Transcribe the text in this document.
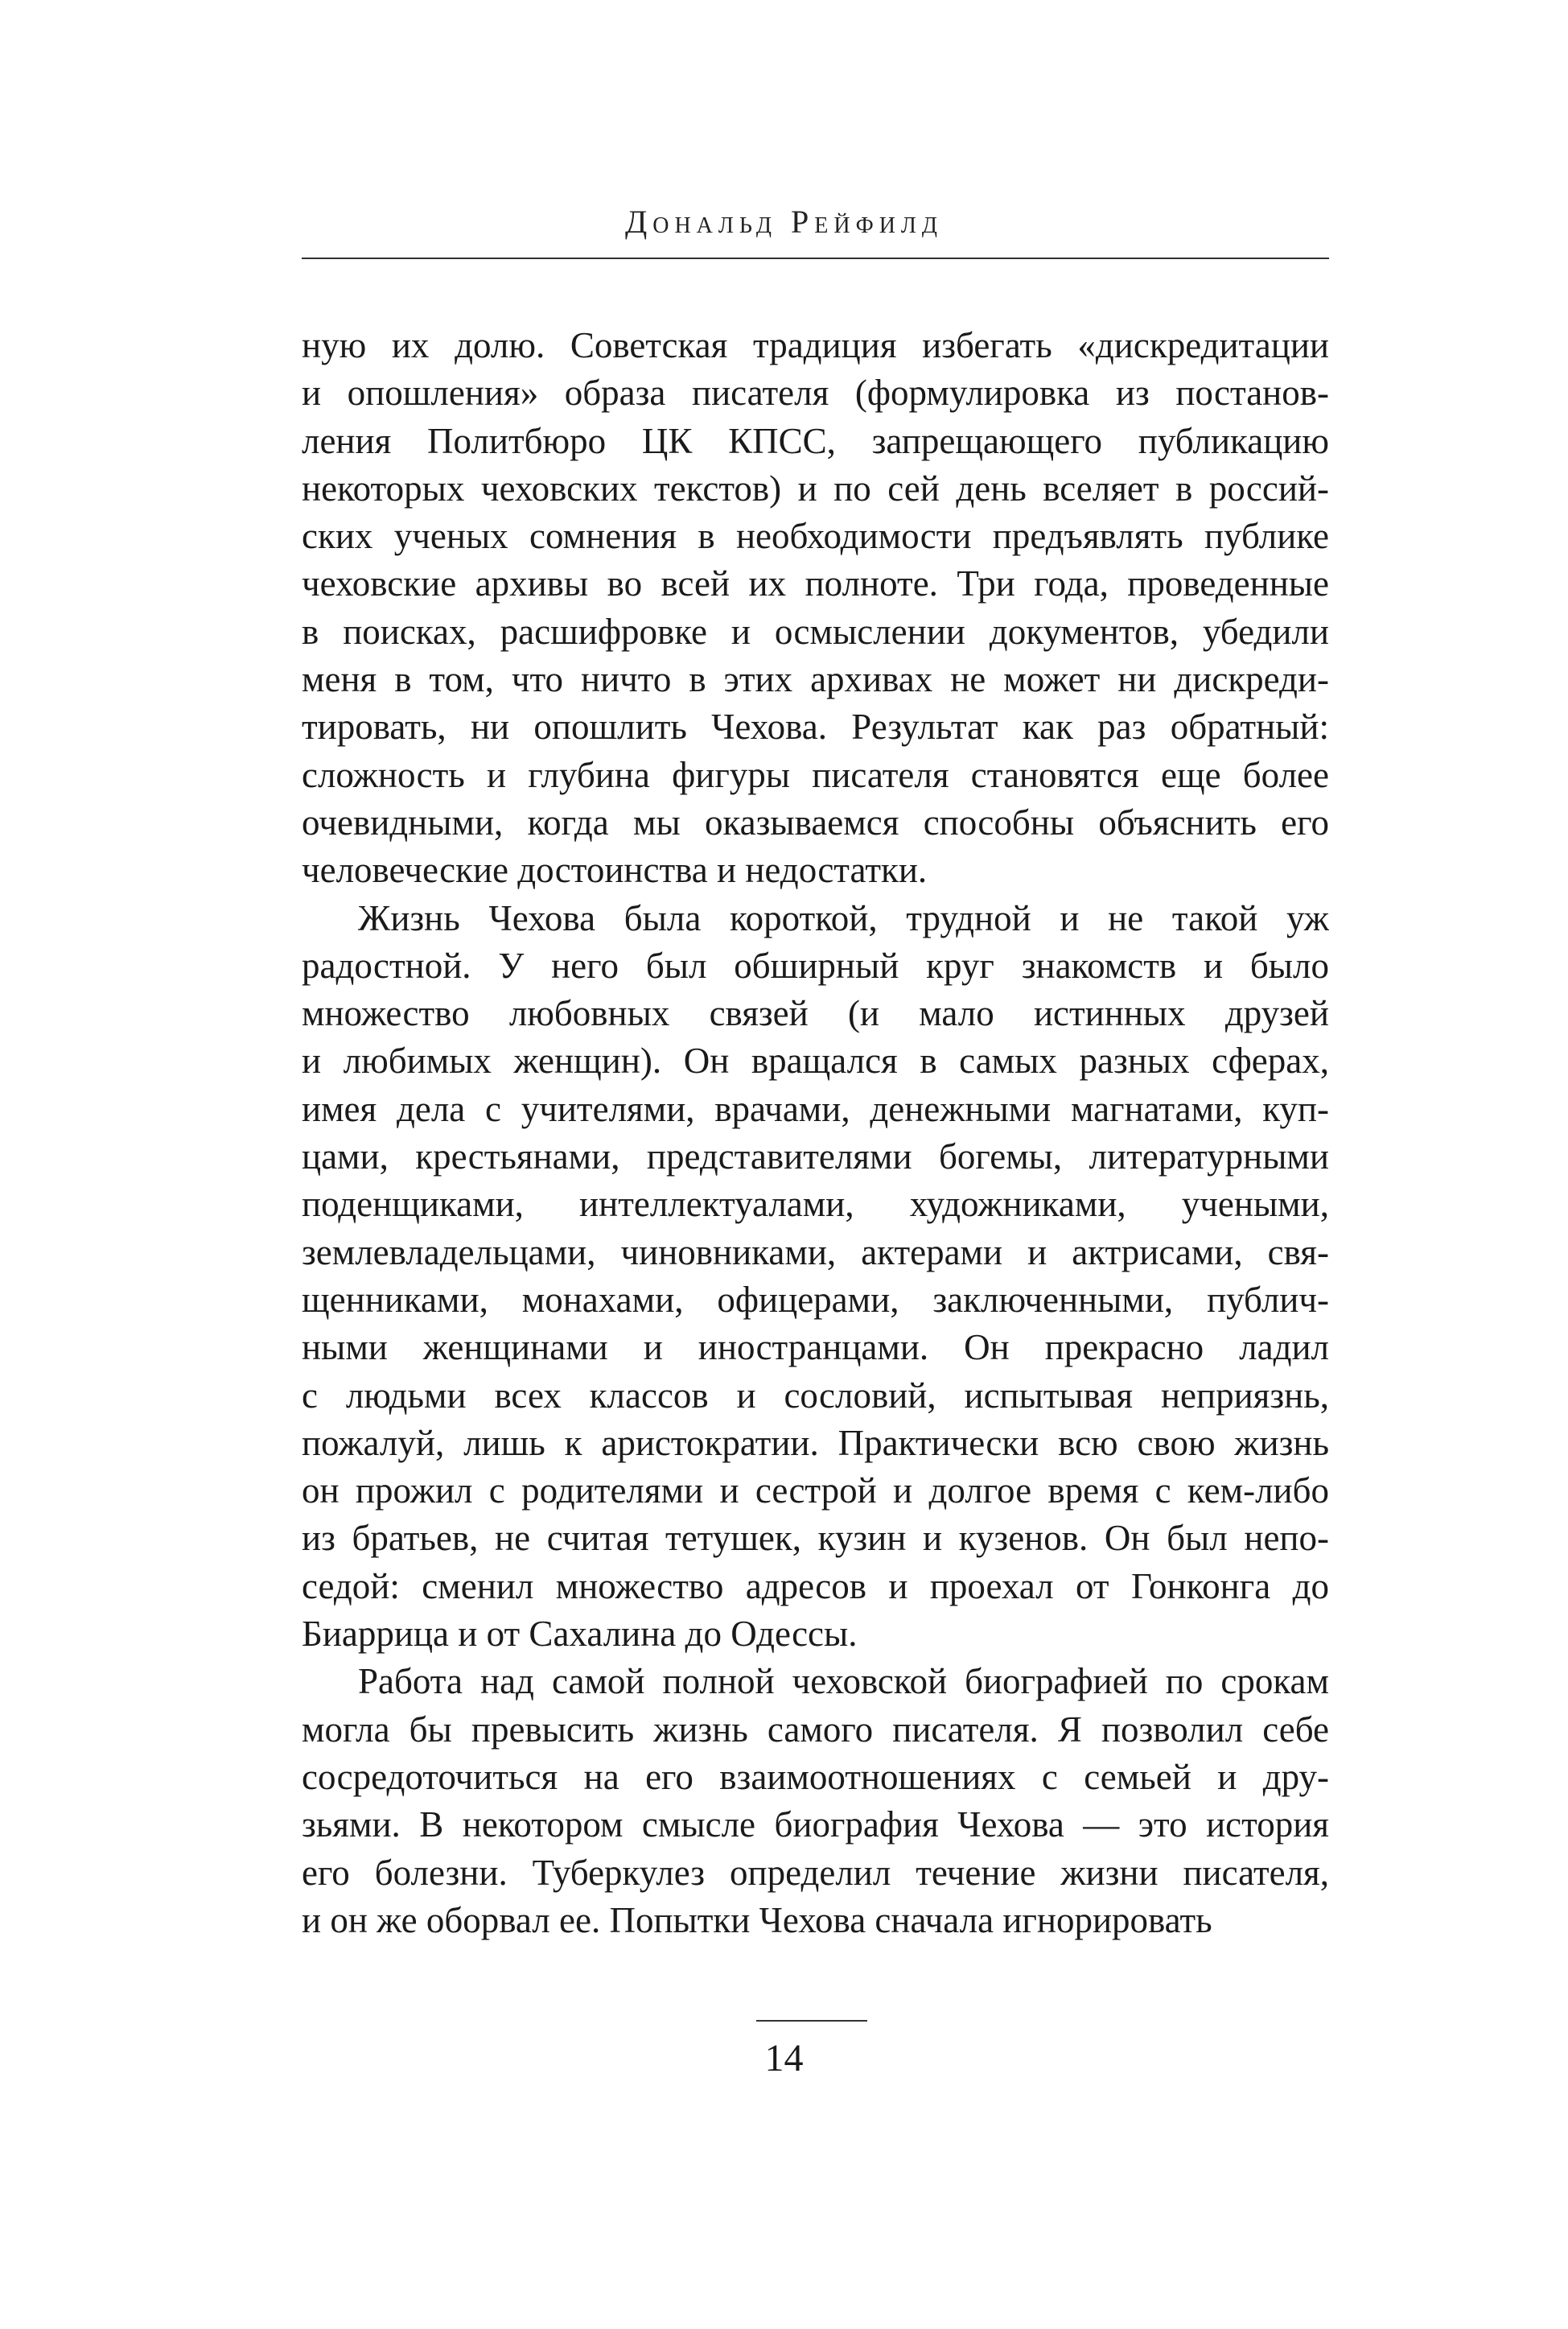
Дональд Рейфилд
ную их долю. Советская традиция избегать «дискредитации
и опошления» образа писателя (формулировка из постанов-
ления Политбюро ЦК КПСС, запрещающего публикацию
некоторых чеховских текстов) и по сей день вселяет в россий-
ских ученых сомнения в необходимости предъявлять публике
чеховские архивы во всей их полноте. Три года, проведенные
в поисках, расшифровке и осмыслении документов, убедили
меня в том, что ничто в этих архивах не может ни дискреди-
тировать, ни опошлить Чехова. Результат как раз обратный:
сложность и глубина фигуры писателя становятся еще более
очевидными, когда мы оказываемся способны объяснить его
человеческие достоинства и недостатки.
Жизнь Чехова была короткой, трудной и не такой уж
радостной. У него был обширный круг знакомств и было
множество любовных связей (и мало истинных друзей
и любимых женщин). Он вращался в самых разных сферах,
имея дела с учителями, врачами, денежными магнатами, куп-
цами, крестьянами, представителями богемы, литературными
поденщиками, интеллектуалами, художниками, учеными,
землевладельцами, чиновниками, актерами и актрисами, свя-
щенниками, монахами, офицерами, заключенными, публич-
ными женщинами и иностранцами. Он прекрасно ладил
с людьми всех классов и сословий, испытывая неприязнь,
пожалуй, лишь к аристократии. Практически всю свою жизнь
он прожил с родителями и сестрой и долгое время с кем-либо
из братьев, не считая тетушек, кузин и кузенов. Он был непо-
седой: сменил множество адресов и проехал от Гонконга до
Биаррица и от Сахалина до Одессы.
Работа над самой полной чеховской биографией по срокам
могла бы превысить жизнь самого писателя. Я позволил себе
сосредоточиться на его взаимоотношениях с семьей и дру-
зьями. В некотором смысле биография Чехова — это история
его болезни. Туберкулез определил течение жизни писателя,
и он же оборвал ее. Попытки Чехова сначала игнорировать
14
